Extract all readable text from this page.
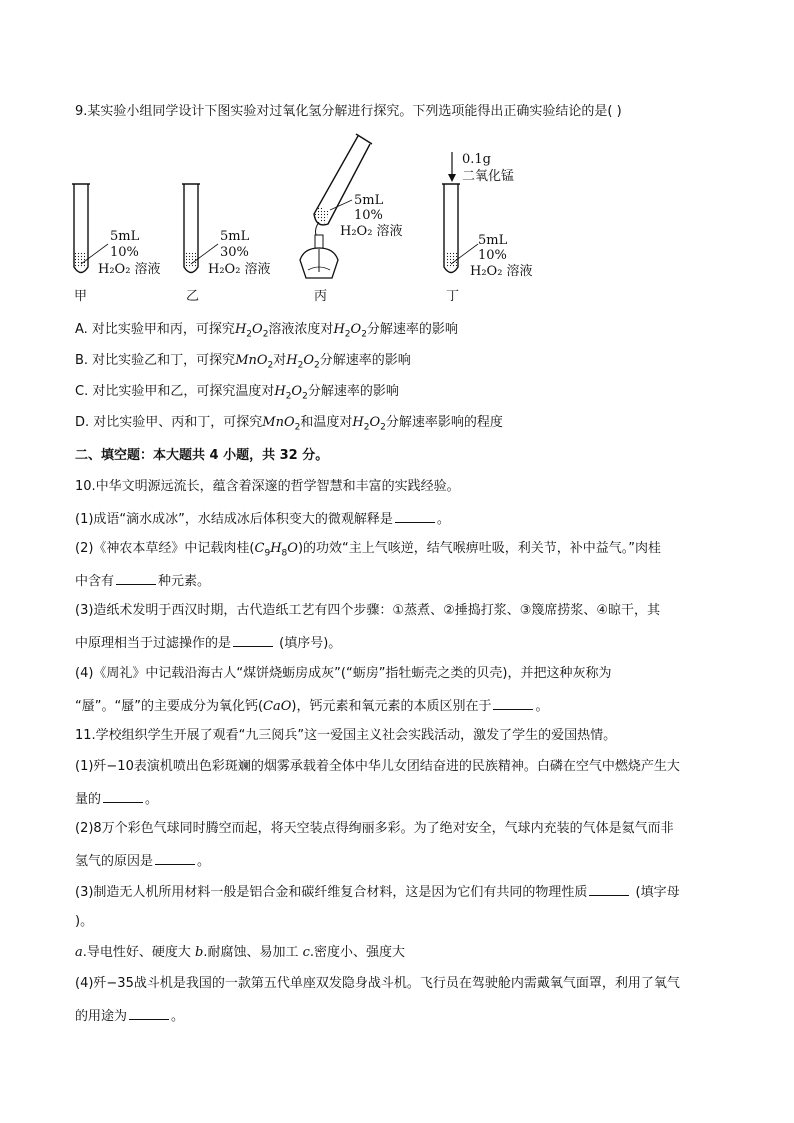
9.某实验小组同学设计下图实验对过氧化氢分解进行探究。下列选项能得出正确实验结论的是( )
5mL
10%
H₂O₂ 溶液
甲
5mL
30%
H₂O₂ 溶液
乙
5mL
10%
H₂O₂ 溶液
丙
0.1g
二氧化锰
5mL
10%
H₂O₂ 溶液
丁
A. 对比实验甲和丙，可探究$H_2O_2$溶液浓度对$H_2O_2$分解速率的影响
B. 对比实验乙和丁，可探究MnO$_2$对$H_2O_2$分解速率的影响
C. 对比实验甲和乙，可探究温度对$H_2O_2$分解速率的影响
D. 对比实验甲、丙和丁，可探究MnO$_2$和温度对$H_2O_2$分解速率影响的程度
二、填空题：本大题共 4 小题，共 32 分。
10.中华文明源远流长，蕴含着深邃的哲学智慧和丰富的实践经验。
(1)成语“滴水成冰”，水结成冰后体积变大的微观解释是	。
(2)《神农本草经》中记载肉桂$(C_9H_8O)$的功效“主上气咳逆，结气喉痹吐吸，利关节，补中益气。”肉桂
中含有	种元素。
(3)造纸术发明于西汉时期，古代造纸工艺有四个步骤：①蒸煮、②捶捣打浆、③篾席捞浆、④晾干，其
中原理相当于过滤操作的是	(填序号)。
(4)《周礼》中记载沿海古人“煤饼烧蛎房成灰”(“蛎房”指牡蛎壳之类的贝壳)，并把这种灰称为
“蜃”。“蜃”的主要成分为氧化钙(CaO)，钙元素和氧元素的本质区别在于	。
11.学校组织学生开展了观看“九三阅兵”这一爱国主义社会实践活动，激发了学生的爱国热情。
(1)歼−10表演机喷出色彩斑斓的烟雾承载着全体中华儿女团结奋进的民族精神。白磷在空气中燃烧产生大
量的	。
(2)8万个彩色气球同时腾空而起，将天空装点得绚丽多彩。为了绝对安全，气球内充装的气体是氦气而非
氢气的原因是	。
(3)制造无人机所用材料一般是铝合金和碳纤维复合材料，这是因为它们有共同的物理性质	(填字母
)。
a.导电性好、硬度大 b.耐腐蚀、易加工 c.密度小、强度大
(4)歼−35战斗机是我国的一款第五代单座双发隐身战斗机。飞行员在驾驶舱内需戴氧气面罩，利用了氧气
的用途为	。
